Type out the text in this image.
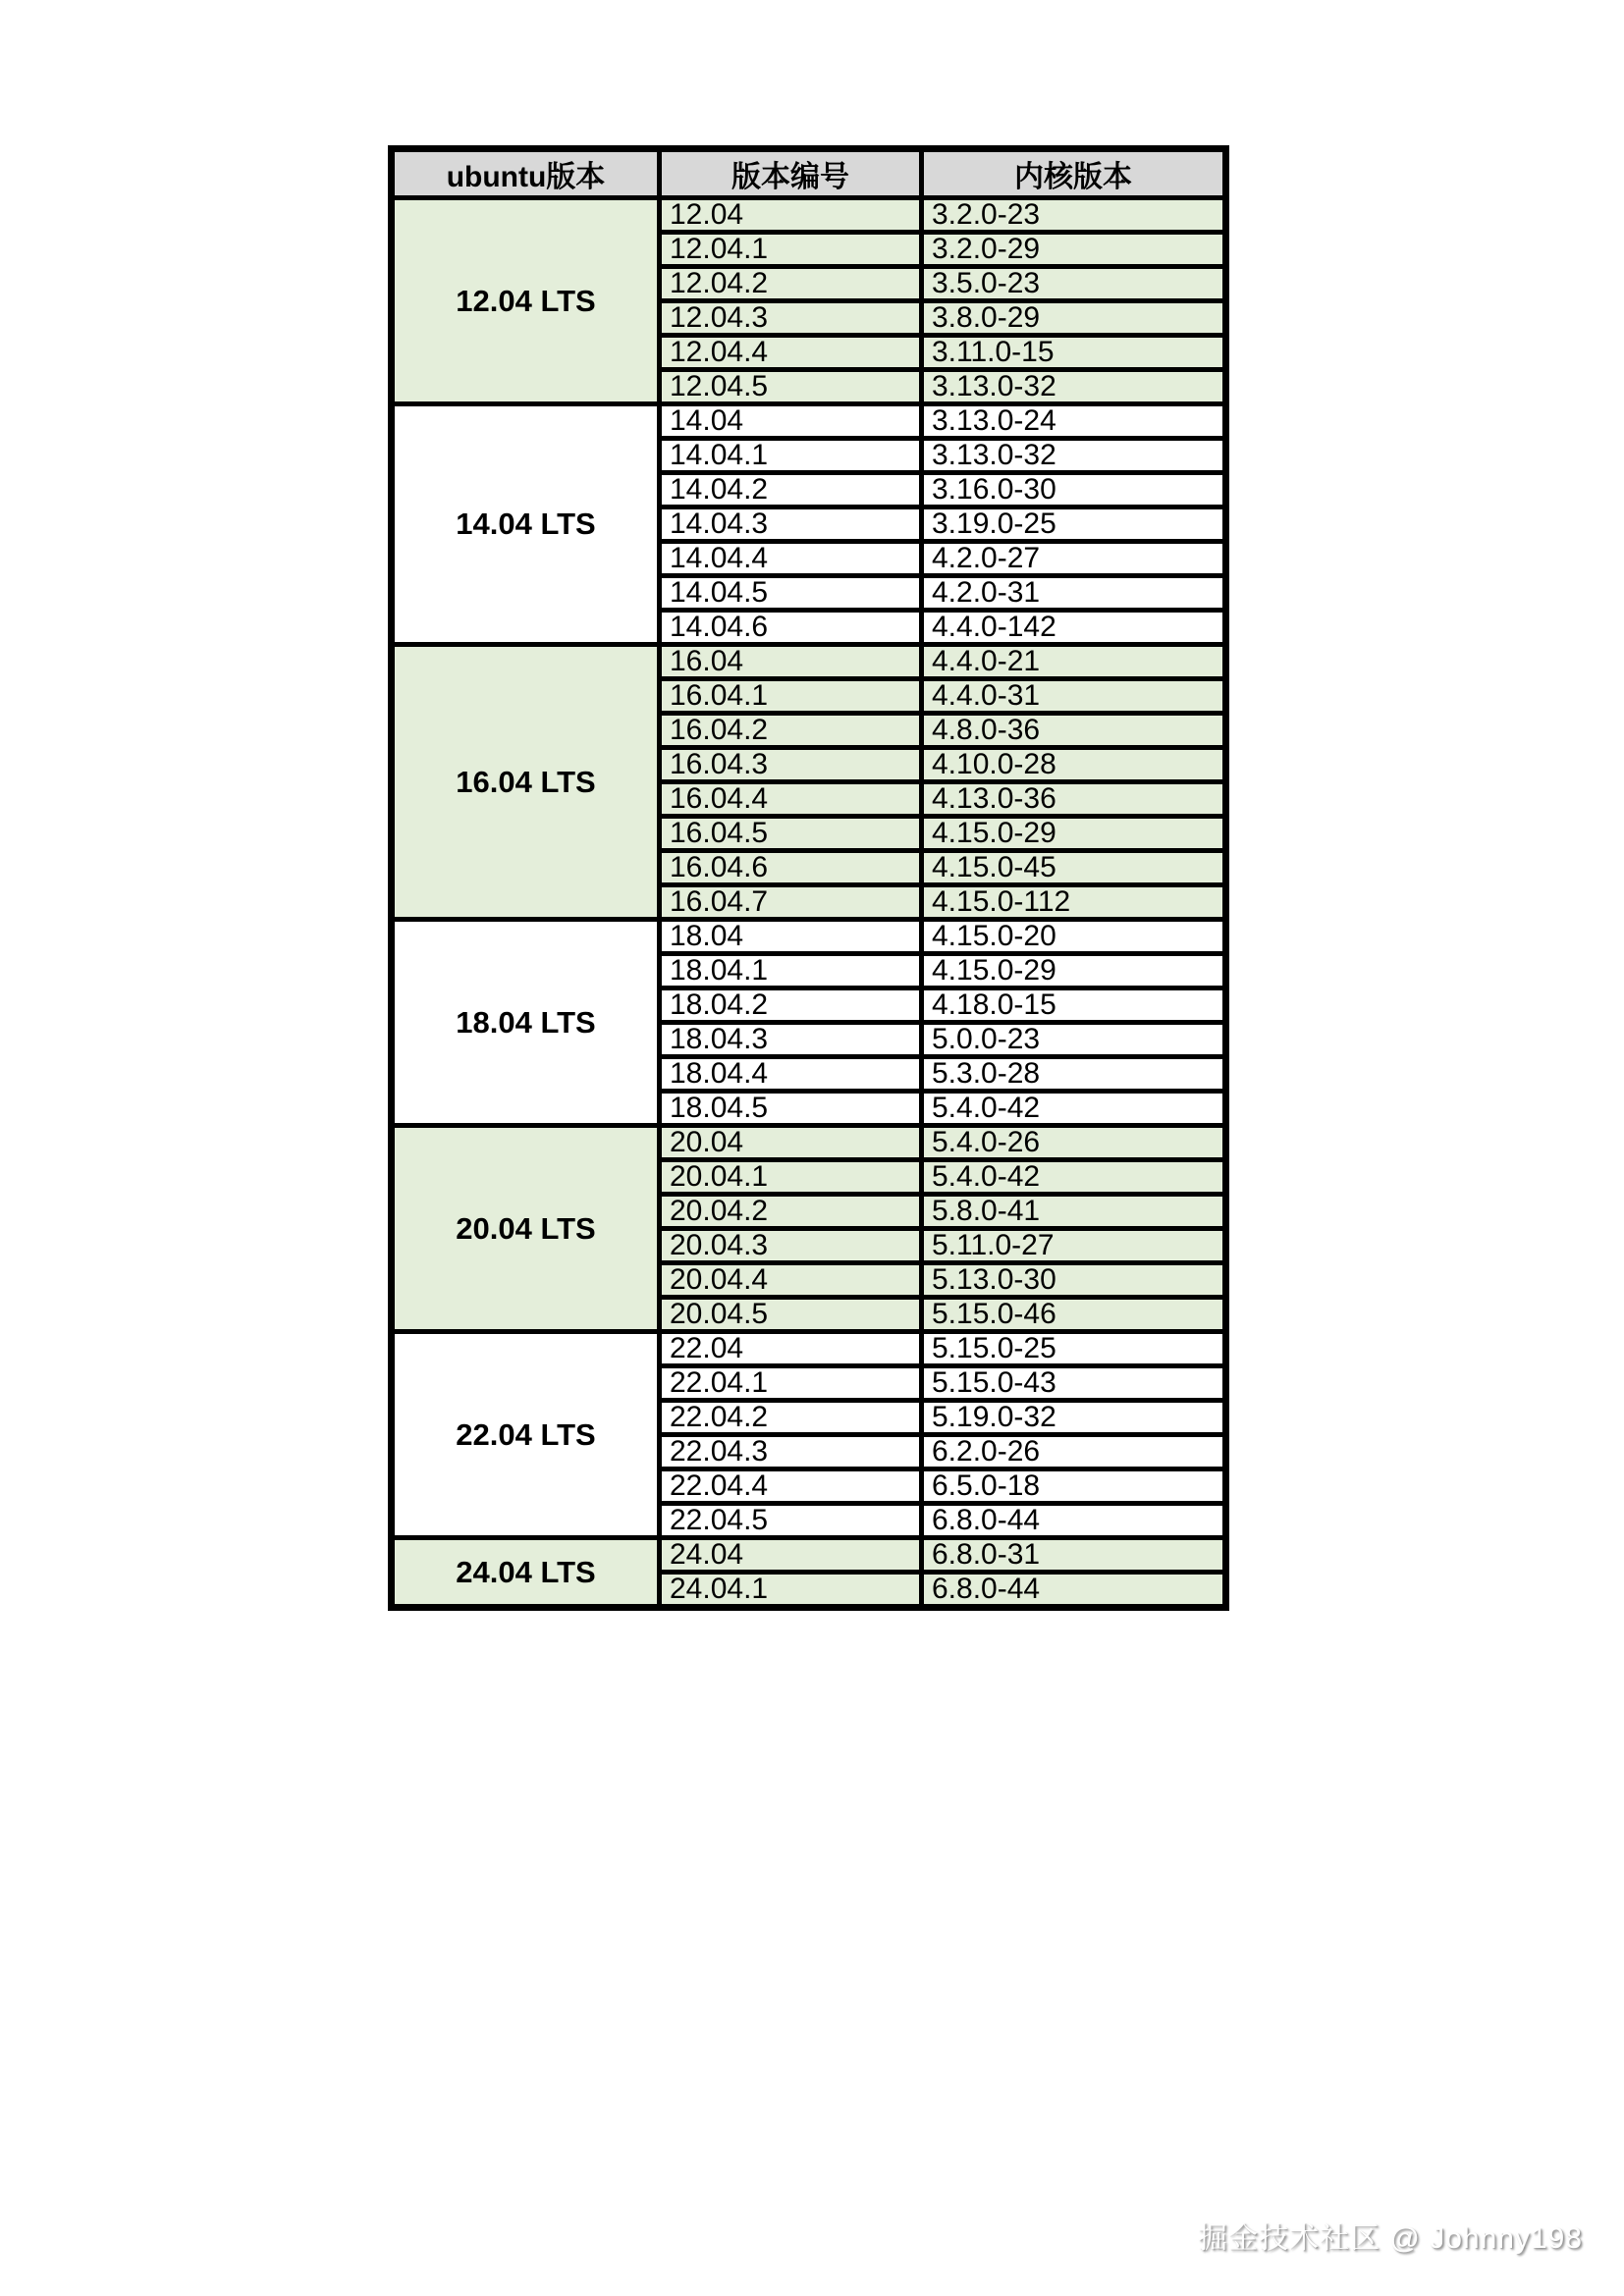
ubuntu版本	版本编号	内核版本
12.04 LTS	12.04	3.2.0-23
	12.04.1	3.2.0-29
	12.04.2	3.5.0-23
	12.04.3	3.8.0-29
	12.04.4	3.11.0-15
	12.04.5	3.13.0-32
14.04 LTS	14.04	3.13.0-24
	14.04.1	3.13.0-32
	14.04.2	3.16.0-30
	14.04.3	3.19.0-25
	14.04.4	4.2.0-27
	14.04.5	4.2.0-31
	14.04.6	4.4.0-142
16.04 LTS	16.04	4.4.0-21
	16.04.1	4.4.0-31
	16.04.2	4.8.0-36
	16.04.3	4.10.0-28
	16.04.4	4.13.0-36
	16.04.5	4.15.0-29
	16.04.6	4.15.0-45
	16.04.7	4.15.0-112
18.04 LTS	18.04	4.15.0-20
	18.04.1	4.15.0-29
	18.04.2	4.18.0-15
	18.04.3	5.0.0-23
	18.04.4	5.3.0-28
	18.04.5	5.4.0-42
20.04 LTS	20.04	5.4.0-26
	20.04.1	5.4.0-42
	20.04.2	5.8.0-41
	20.04.3	5.11.0-27
	20.04.4	5.13.0-30
	20.04.5	5.15.0-46
22.04 LTS	22.04	5.15.0-25
	22.04.1	5.15.0-43
	22.04.2	5.19.0-32
	22.04.3	6.2.0-26
	22.04.4	6.5.0-18
	22.04.5	6.8.0-44
24.04 LTS	24.04	6.8.0-31
	24.04.1	6.8.0-44
掘金技术社区 @ Johnny198
